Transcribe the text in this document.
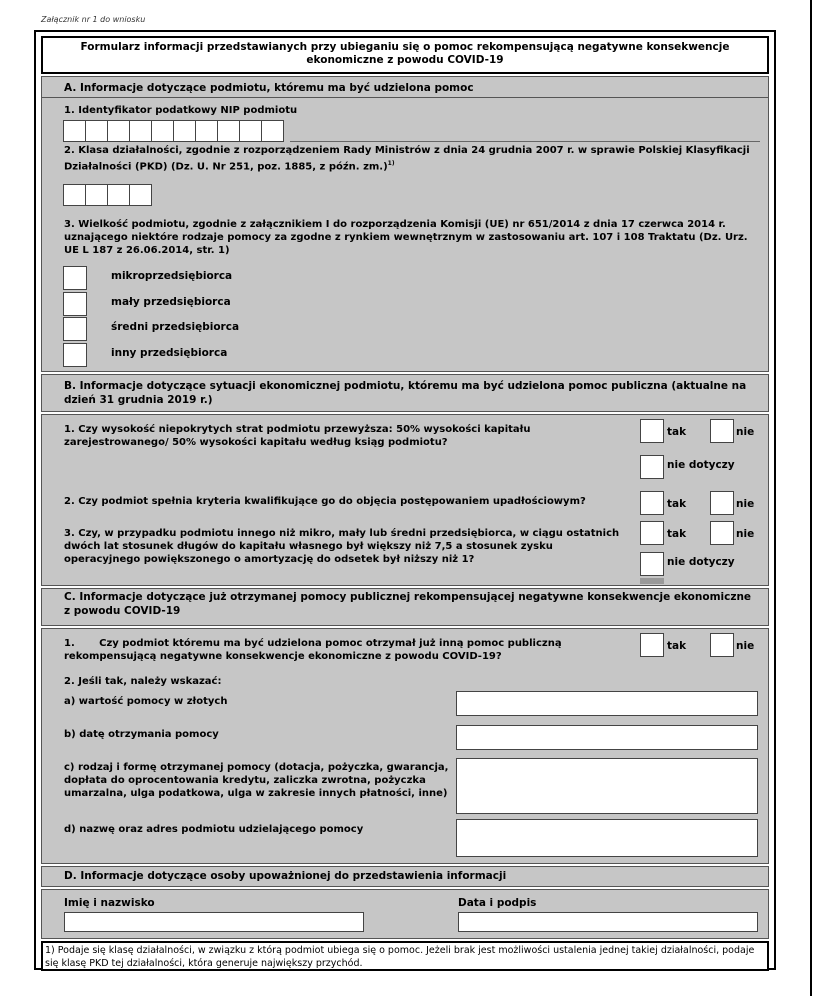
Załącznik nr 1 do wniosku
Formularz informacji przedstawianych przy ubieganiu się o pomoc rekompensującą negatywne konsekwencje ekonomiczne z powodu COVID-19
A. Informacje dotyczące podmiotu, któremu ma być udzielona pomoc
1. Identyfikator podatkowy NIP podmiotu
2. Klasa działalności, zgodnie z rozporządzeniem Rady Ministrów z dnia 24 grudnia 2007 r. w sprawie Polskiej Klasyfikacji Działalności (PKD) (Dz. U. Nr 251, poz. 1885, z późn. zm.)$^{1)}$
3. Wielkość podmiotu, zgodnie z załącznikiem I do rozporządzenia Komisji (UE) nr 651/2014 z dnia 17 czerwca 2014 r. uznającego niektóre rodzaje pomocy za zgodne z rynkiem wewnętrznym w zastosowaniu art. 107 i 108 Traktatu (Dz. Urz. UE L 187 z 26.06.2014, str. 1)
mikroprzedsiębiorca
mały przedsiębiorca
średni przedsiębiorca
inny przedsiębiorca
B. Informacje dotyczące sytuacji ekonomicznej podmiotu, któremu ma być udzielona pomoc publiczna (aktualne na dzień 31 grudnia 2019 r.)
1. Czy wysokość niepokrytych strat podmiotu przewyższa: 50% wysokości kapitału zarejestrowanego/ 50% wysokości kapitału według ksiąg podmiotu?
tak	nie
nie dotyczy
2. Czy podmiot spełnia kryteria kwalifikujące go do objęcia postępowaniem upadłościowym?	tak	nie
3. Czy, w przypadku podmiotu innego niż mikro, mały lub średni przedsiębiorca, w ciągu ostatnich dwóch lat stosunek długów do kapitału własnego był większy niż 7,5 a stosunek zysku operacyjnego powiększonego o amortyzację do odsetek był niższy niż 1?
tak	nie
nie dotyczy
C. Informacje dotyczące już otrzymanej pomocy publicznej rekompensującej negatywne konsekwencje ekonomiczne z powodu COVID-19
1.       Czy podmiot któremu ma być udzielona pomoc otrzymał już inną pomoc publiczną rekompensującą negatywne konsekwencje ekonomiczne z powodu COVID-19?
tak	nie
2. Jeśli tak, należy wskazać:
a) wartość pomocy w złotych
b) datę otrzymania pomocy
c) rodzaj i formę otrzymanej pomocy (dotacja, pożyczka, gwarancja, dopłata do oprocentowania kredytu, zaliczka zwrotna, pożyczka umarzalna, ulga podatkowa, ulga w zakresie innych płatności, inne)
d) nazwę oraz adres podmiotu udzielającego pomocy
D. Informacje dotyczące osoby upoważnionej do przedstawienia informacji
Imię i nazwisko	Data i podpis
1) Podaje się klasę działalności, w związku z którą podmiot ubiega się o pomoc. Jeżeli brak jest możliwości ustalenia jednej takiej działalności, podaje się klasę PKD tej działalności, która generuje największy przychód.
